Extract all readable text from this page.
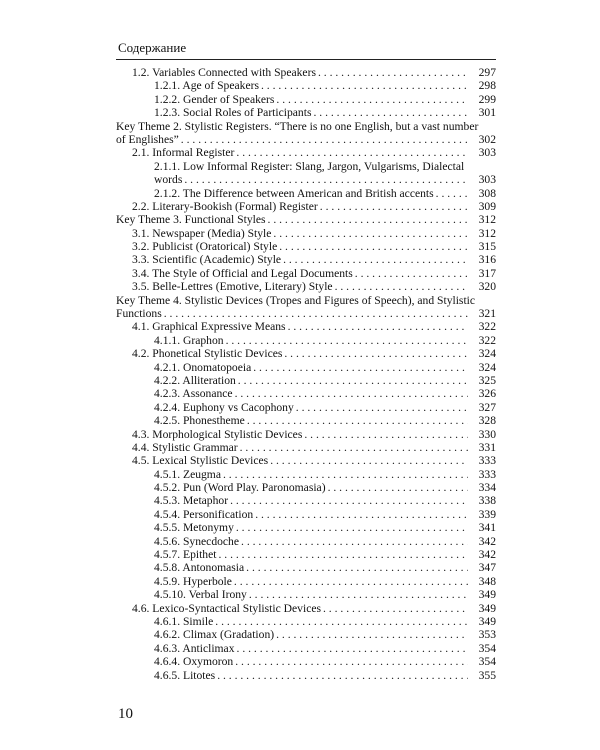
Содержание
1.2. Variables Connected with Speakers . . .	297
1.2.1. Age of Speakers . . .	298
1.2.2. Gender of Speakers . . .	299
1.2.3. Social Roles of Participants . . .	301
Key Theme 2. Stylistic Registers. “There is no one English, but a vast number
of Englishes” . . .	302
2.1. Informal Register . . .	303
2.1.1. Low Informal Register: Slang, Jargon, Vulgarisms, Dialectal
words . . .	303
2.1.2. The Difference between American and British accents . . .	308
2.2. Literary-Bookish (Formal) Register . . .	309
Key Theme 3. Functional Styles . . .	312
3.1. Newspaper (Media) Style . . .	312
3.2. Publicist (Oratorical) Style . . .	315
3.3. Scientific (Academic) Style . . .	316
3.4. The Style of Official and Legal Documents . . .	317
3.5. Belle-Lettres (Emotive, Literary) Style . . .	320
Key Theme 4. Stylistic Devices (Tropes and Figures of Speech), and Stylistic
Functions . . .	321
4.1. Graphical Expressive Means . . .	322
4.1.1. Graphon . . .	322
4.2. Phonetical Stylistic Devices . . .	324
4.2.1. Onomatopoeia . . .	324
4.2.2. Alliteration . . .	325
4.2.3. Assonance . . .	326
4.2.4. Euphony vs Cacophony . . .	327
4.2.5. Phonestheme . . .	328
4.3. Morphological Stylistic Devices . . .	330
4.4. Stylistic Grammar . . .	331
4.5. Lexical Stylistic Devices . . .	333
4.5.1. Zeugma . . .	333
4.5.2. Pun (Word Play. Paronomasia) . . .	334
4.5.3. Metaphor . . .	338
4.5.4. Personification . . .	339
4.5.5. Metonymy . . .	341
4.5.6. Synecdoche . . .	342
4.5.7. Epithet . . .	342
4.5.8. Antonomasia . . .	347
4.5.9. Hyperbole . . .	348
4.5.10. Verbal Irony . . .	349
4.6. Lexico-Syntactical Stylistic Devices . . .	349
4.6.1. Simile . . .	349
4.6.2. Climax (Gradation) . . .	353
4.6.3. Anticlimax . . .	354
4.6.4. Oxymoron . . .	354
4.6.5. Litotes . . .	355
10
